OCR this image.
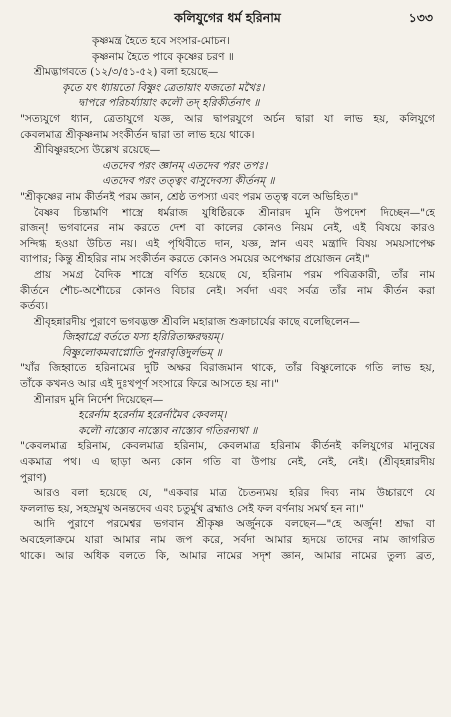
কলিযুগের ধর্ম হরিনাম	১৩৩
কৃষ্ণমন্ত্র হৈতে হবে সংসার-মোচন।
কৃষ্ণনাম হৈতে পাবে কৃষ্ণের চরণ ॥
শ্রীমদ্ভাগবতে (১২/৩/৫১-৫২) বলা হয়েছে—
কৃতে যৎ ধ্যায়তো বিষ্ণুং ত্রেতায়াং যজতো মখৈঃ।
দ্বাপরে পরিচর্য্যায়াং কলৌ তদ্ হরিকীর্তনাৎ ॥
"সত্যযুগে ধ্যান, ত্রেতাযুগে যজ্ঞ, আর দ্বাপরযুগে অর্চন দ্বারা যা লাভ হয়, কলিযুগে
কেবলমাত্র শ্রীকৃষ্ণনাম সংকীর্তন দ্বারা তা লাভ হয়ে থাকে।
শ্রীবিষ্ণুরহস্যে উল্লেখ রয়েছে—
এতদেব পরং জ্ঞানম্ এতদেব পরং তপঃ।
এতদেব পরং তত্ত্বং বাসুদেবস্য কীর্তনম্ ॥
"শ্রীকৃষ্ণের নাম কীর্তনই পরম জ্ঞান, শ্রেষ্ঠ তপস্যা এবং পরম তত্ত্ব বলে অভিহিত।"
বৈষ্ণব চিন্তামণি শাস্ত্রে ধর্মরাজ যুধিষ্ঠিরকে শ্রীনারদ মুনি উপদেশ দিচ্ছেন—"হে
রাজন্! ভগবানের নাম করতে দেশ বা কালের কোনও নিয়ম নেই, এই বিষয়ে কারও
সন্দিগ্ধ হওয়া উচিত নয়। এই পৃথিবীতে দান, যজ্ঞ, স্নান এবং মন্ত্রাদি বিষয় সময়সাপেক্ষ
ব্যাপার; কিন্তু শ্রীহরির নাম সংকীর্তন করতে কোনও সময়ের অপেক্ষার প্রয়োজন নেই।"
প্রায় সমগ্র বৈদিক শাস্ত্রে বর্ণিত হয়েছে যে, হরিনাম পরম পবিত্রকারী, তাঁর নাম
কীর্তনে শৌচ-অশৌচের কোনও বিচার নেই। সর্বদা এবং সর্বত্র তাঁর নাম কীর্তন করা
কর্তব্য।
শ্রীবৃহন্নারদীয় পুরাণে ভগবদ্ভক্ত শ্রীবলি মহারাজ শুক্রাচার্যের কাছে বলেছিলেন—
জিহ্বাগ্রে বর্ততে যস্য হরিরিত্যক্ষরদ্বয়ম্।
বিষ্ণুলোকমবাপ্নোতি পুনরাবৃত্তিদুর্লভম্ ॥
"যাঁর জিহ্বাতে হরিনামের দুটি অক্ষর বিরাজমান থাকে, তাঁর বিষ্ণুলোকে গতি লাভ হয়,
তাঁকে কখনও আর এই দুঃখপূর্ণ সংসারে ফিরে আসতে হয় না।"
শ্রীনারদ মুনি নির্দেশ দিয়েছেন—
হরের্নাম হরের্নাম হরের্নামৈব কেবলম্।
কলৌ নাস্ত্যেব নাস্ত্যেব নাস্ত্যেব গতিরন্যথা ॥
"কেবলমাত্র হরিনাম, কেবলমাত্র হরিনাম, কেবলমাত্র হরিনাম কীর্তনই কলিযুগের মানুষের
একমাত্র পথ। এ ছাড়া অন্য কোন গতি বা উপায় নেই, নেই, নেই। (শ্রীবৃহন্নারদীয়
পুরাণ)
আরও বলা হয়েছে যে, "একবার মাত্র চৈতন্যময় হরির দিব্য নাম উচ্চারণে যে
ফললাভ হয়, সহস্রমুখ অনন্তদেব এবং চতুর্মুখ ব্রহ্মাও সেই ফল বর্ণনায় সমর্থ হন না।"
আদি পুরাণে পরমেশ্বর ভগবান শ্রীকৃষ্ণ অর্জুনকে বলছেন—"হে অর্জুন! শ্রদ্ধা বা
অবহেলাক্রমে যারা আমার নাম জপ করে, সর্বদা আমার হৃদয়ে তাদের নাম জাগরিত
থাকে। আর অধিক বলতে কি, আমার নামের সদৃশ জ্ঞান, আমার নামের তুল্য ব্রত,
